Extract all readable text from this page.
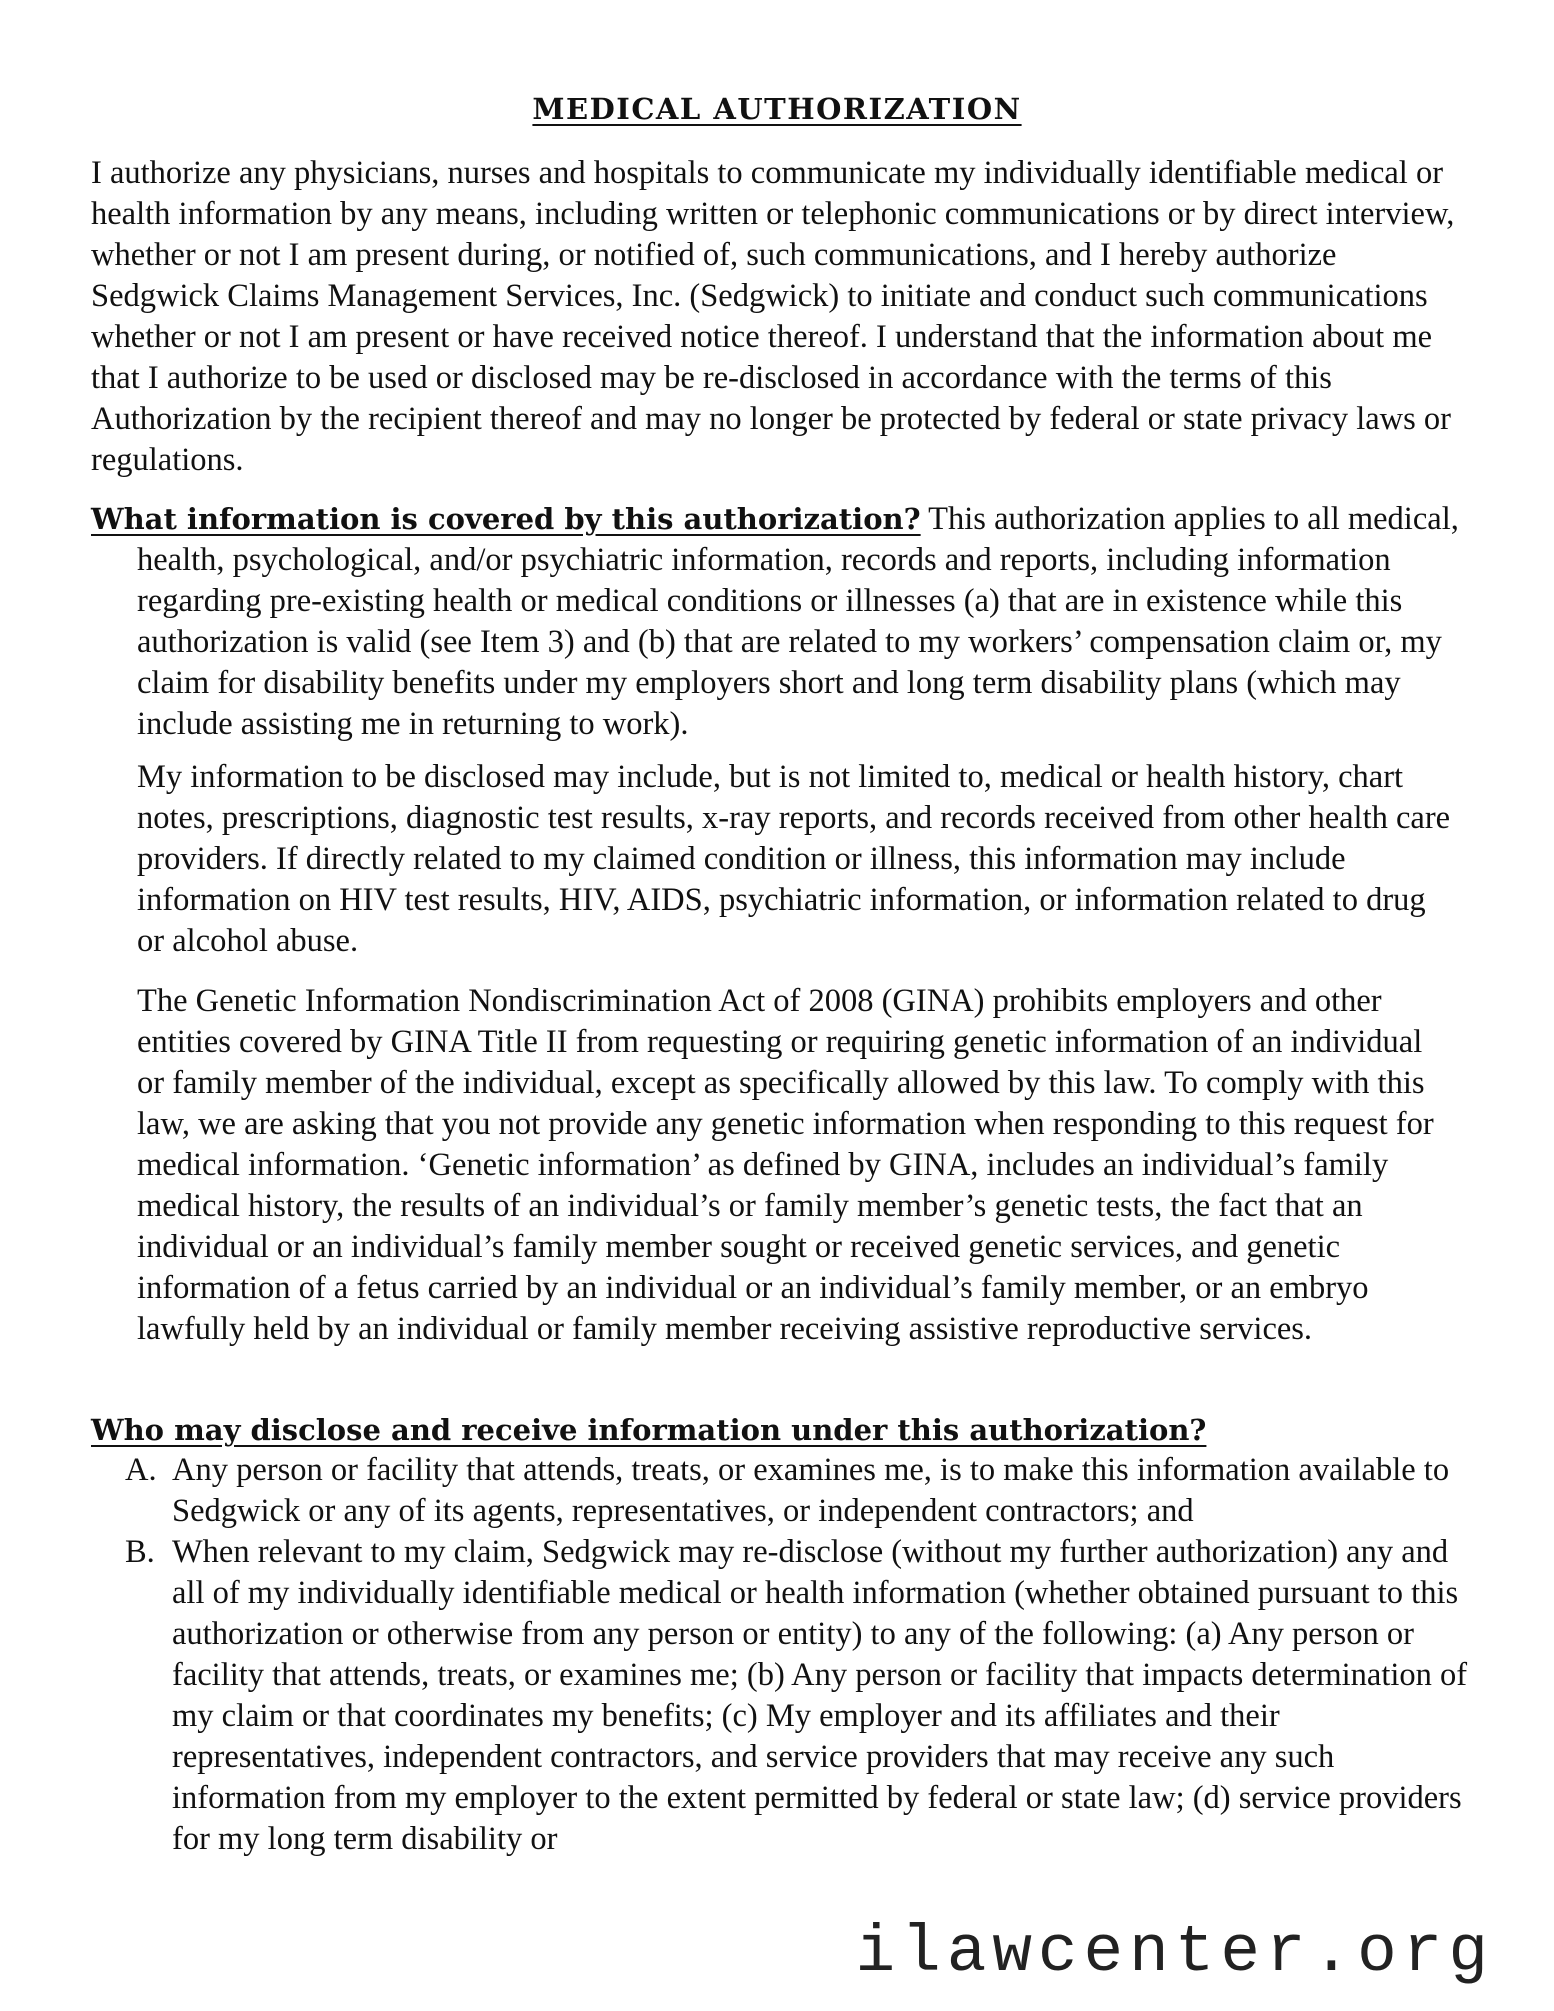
MEDICAL AUTHORIZATION

I authorize any physicians, nurses and hospitals to communicate my individually identifiable medical or health information by any means, including written or telephonic communications or by direct interview, whether or not I am present during, or notified of, such communications, and I hereby authorize Sedgwick Claims Management Services, Inc. (Sedgwick) to initiate and conduct such communications whether or not I am present or have received notice thereof. I understand that the information about me that I authorize to be used or disclosed may be re-disclosed in accordance with the terms of this Authorization by the recipient thereof and may no longer be protected by federal or state privacy laws or regulations.

What information is covered by this authorization? This authorization applies to all medical, health, psychological, and/or psychiatric information, records and reports, including information regarding pre-existing health or medical conditions or illnesses (a) that are in existence while this authorization is valid (see Item 3) and (b) that are related to my workers’ compensation claim or, my claim for disability benefits under my employers short and long term disability plans (which may include assisting me in returning to work).

My information to be disclosed may include, but is not limited to, medical or health history, chart notes, prescriptions, diagnostic test results, x-ray reports, and records received from other health care providers. If directly related to my claimed condition or illness, this information may include information on HIV test results, HIV, AIDS, psychiatric information, or information related to drug or alcohol abuse.

The Genetic Information Nondiscrimination Act of 2008 (GINA) prohibits employers and other entities covered by GINA Title II from requesting or requiring genetic information of an individual or family member of the individual, except as specifically allowed by this law. To comply with this law, we are asking that you not provide any genetic information when responding to this request for medical information. ‘Genetic information’ as defined by GINA, includes an individual’s family medical history, the results of an individual’s or family member’s genetic tests, the fact that an individual or an individual’s family member sought or received genetic services, and genetic information of a fetus carried by an individual or an individual’s family member, or an embryo lawfully held by an individual or family member receiving assistive reproductive services.

Who may disclose and receive information under this authorization?

A. Any person or facility that attends, treats, or examines me, is to make this information available to Sedgwick or any of its agents, representatives, or independent contractors; and
B. When relevant to my claim, Sedgwick may re-disclose (without my further authorization) any and all of my individually identifiable medical or health information (whether obtained pursuant to this authorization or otherwise from any person or entity) to any of the following: (a) Any person or facility that attends, treats, or examines me; (b) Any person or facility that impacts determination of my claim or that coordinates my benefits; (c) My employer and its affiliates and their representatives, independent contractors, and service providers that may receive any such information from my employer to the extent permitted by federal or state law; (d) service providers for my long term disability or

ilawcenter.org
